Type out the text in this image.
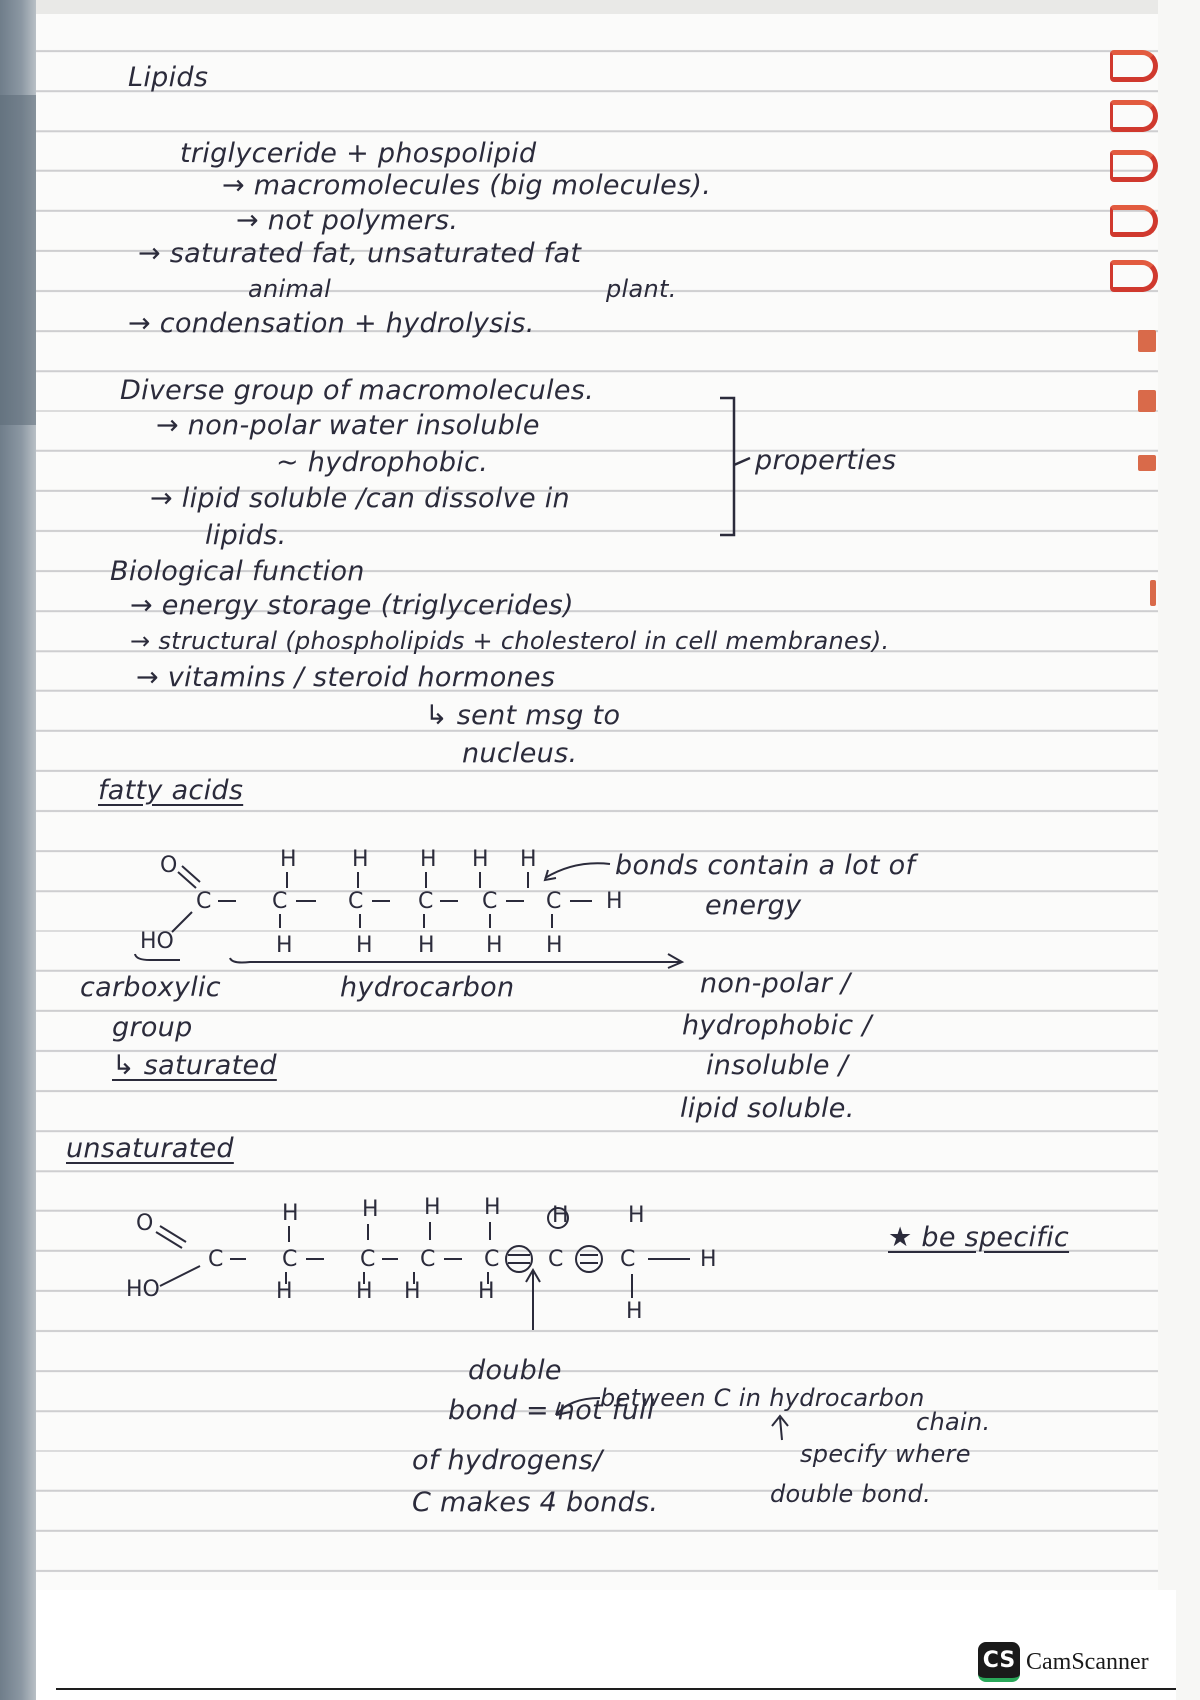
Lipids
triglyceride + phospolipid
→ macromolecules (big molecules).
→ not polymers.
→ saturated fat, unsaturated fat
animal	plant.
→ condensation + hydrolysis.
Diverse group of macromolecules.
→ non-polar water insoluble
~ hydrophobic.
→ lipid soluble /can dissolve in
lipids.
properties
Biological function
→ energy storage (triglycerides)
→ structural (phospholipids + cholesterol in cell membranes).
→ vitamins / steroid hormones
↳ sent msg to
nucleus.
fatty acids
O
HO
C	C	C C C C H
H	H H H H
H	H H H H
bonds contain a lot of
energy
carboxylic
group
↳ saturated
hydrocarbon	non-polar /
hydrophobic /
insoluble /
lipid soluble.
unsaturated
O
HO
C	C	C C C C	C	H
H	H H H H	H
H	H H	H
H
★ be specific
double
bond = not full
between C in hydrocarbon
chain.
of hydrogens/
C makes 4 bonds.
specify where
double bond.
CS CamScanner
